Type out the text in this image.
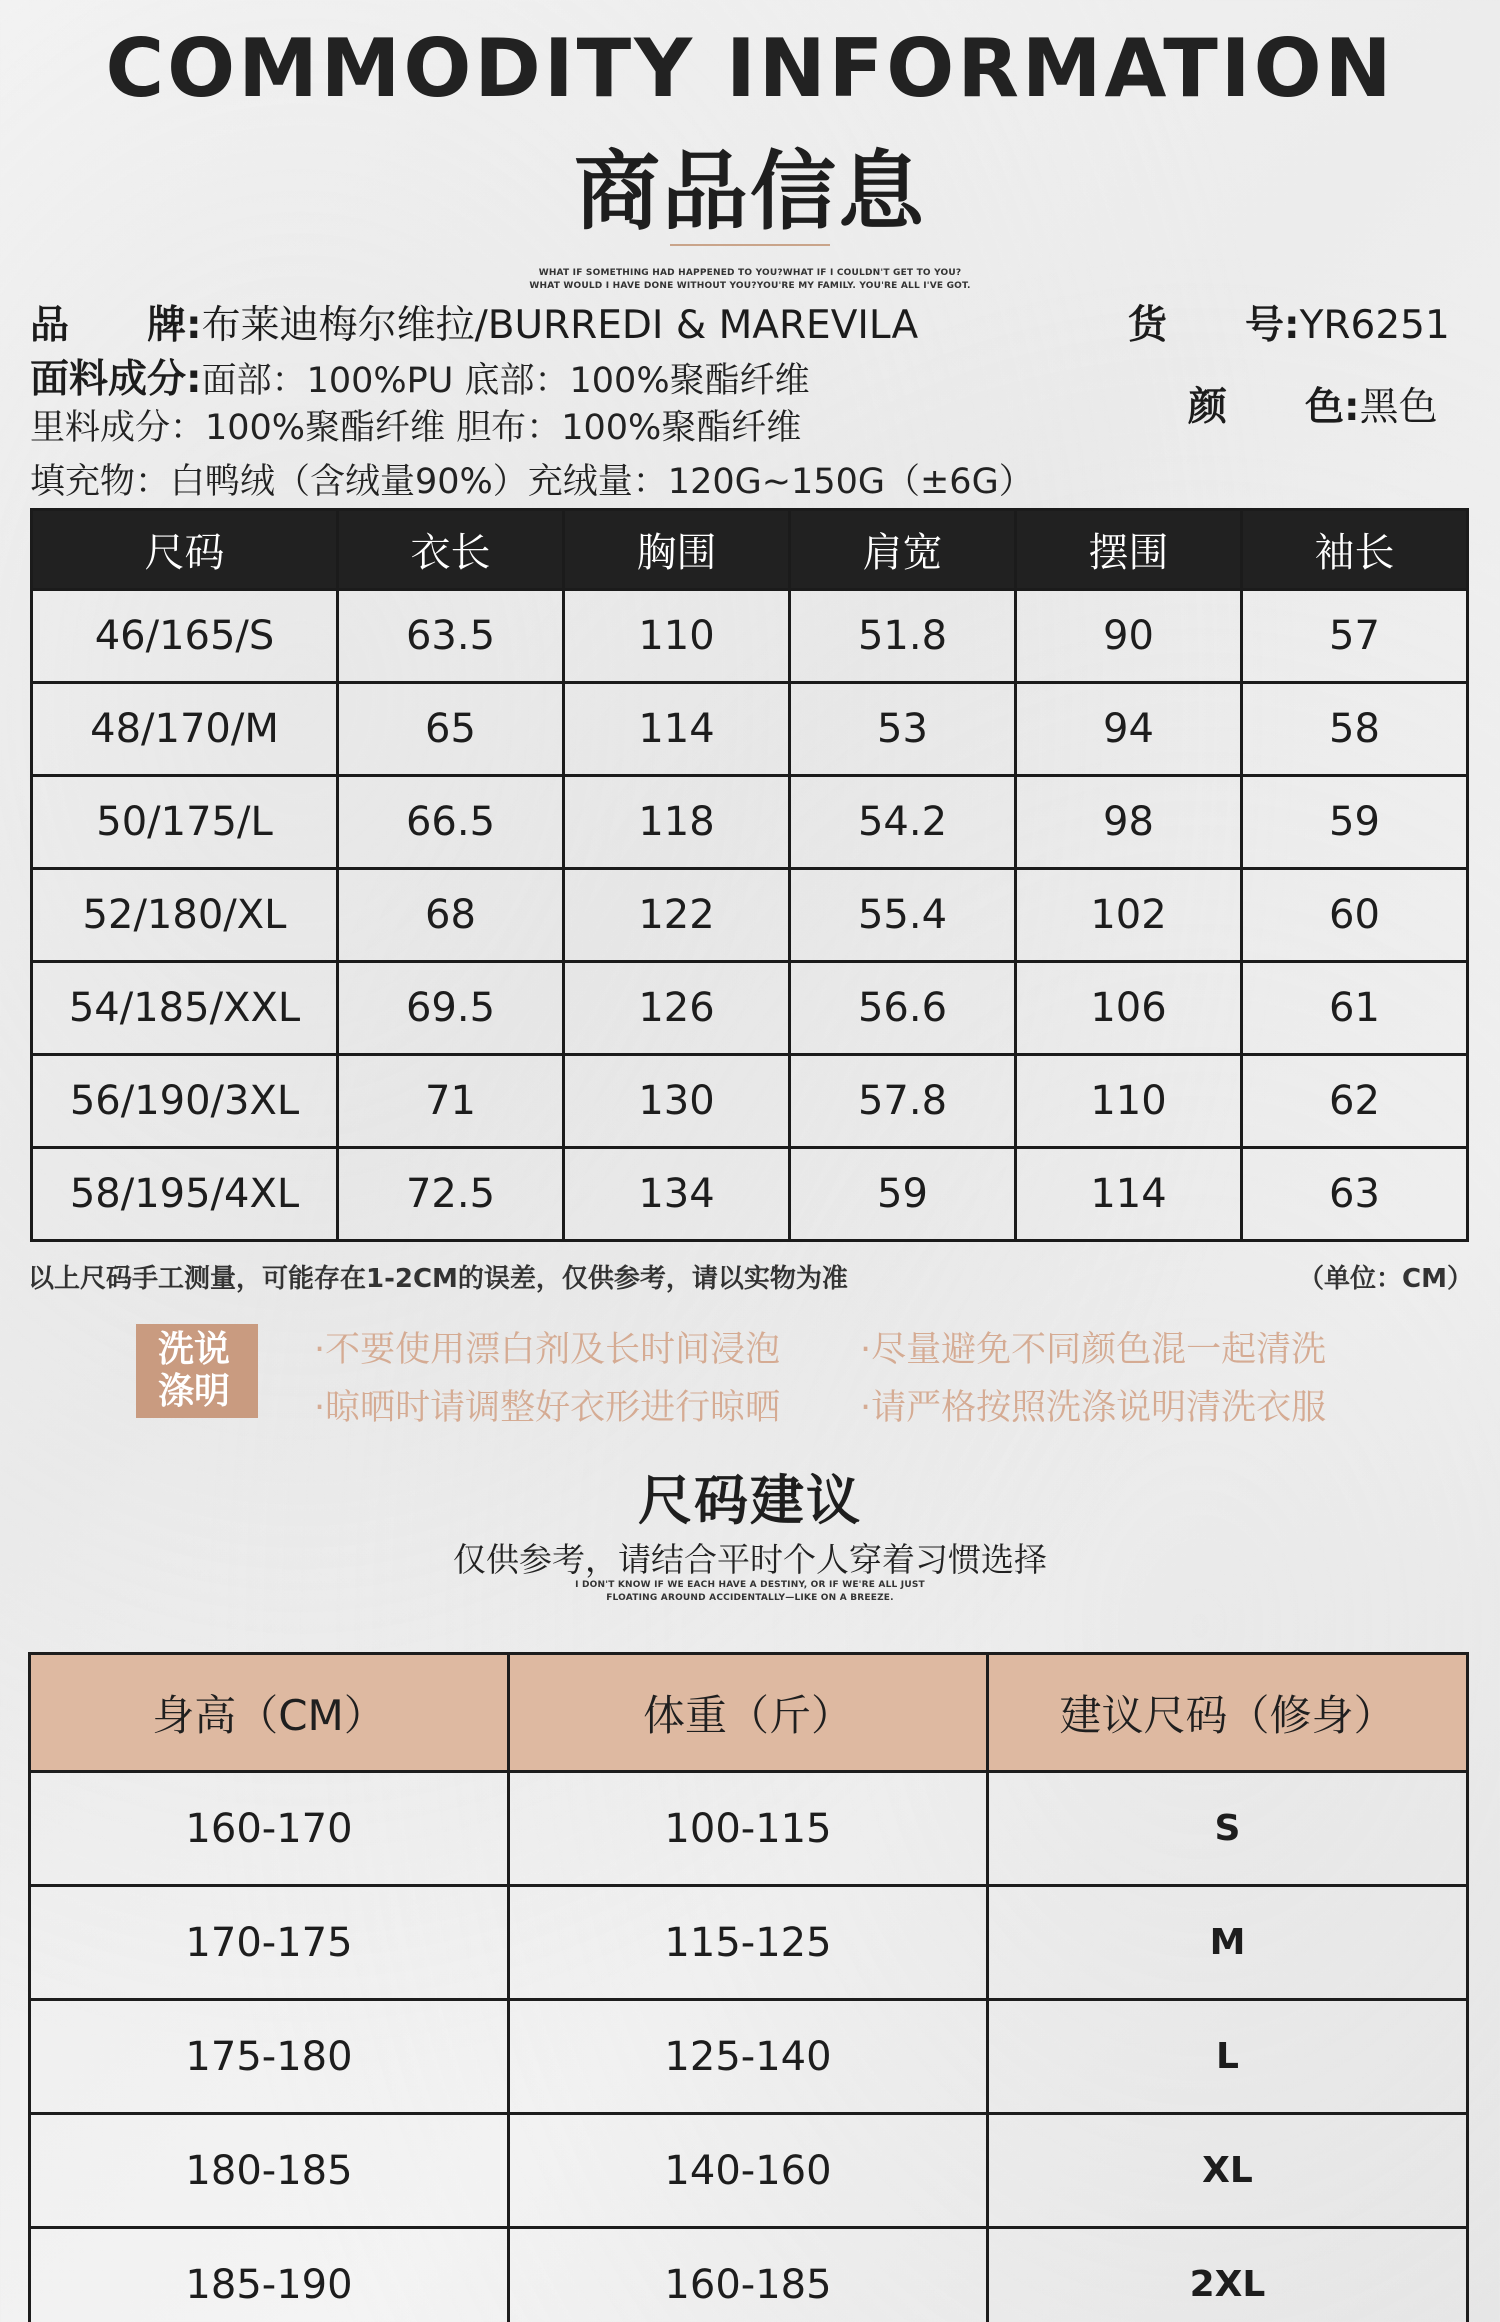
COMMODITY INFORMATION
商品信息
WHAT IF SOMETHING HAD HAPPENED TO YOU?WHAT IF I COULDN'T GET TO YOU?
WHAT WOULD I HAVE DONE WITHOUT YOU?YOU'RE MY FAMILY. YOU'RE ALL I'VE GOT.
品　　牌:布莱迪梅尔维拉/BURREDI & MAREVILA	货　　号:YR6251
面料成分:面部：100%PU 底部：100%聚酯纤维
颜　　色:黑色
里料成分：100%聚酯纤维 胆布：100%聚酯纤维
填充物：白鸭绒（含绒量90%）充绒量：120G~150G（±6G）
尺码	衣长	胸围	肩宽	摆围	袖长
46/165/S	63.5	110	51.8	90	57
48/170/M	65	114	53	94	58
50/175/L	66.5	118	54.2	98	59
52/180/XL	68	122	55.4	102	60
54/185/XXL	69.5	126	56.6	106	61
56/190/3XL	71	130	57.8	110	62
58/195/4XL	72.5	134	59	114	63
以上尺码手工测量，可能存在1-2CM的误差，仅供参考，请以实物为准	（单位：CM）
洗说
涤明
·不要使用漂白剂及长时间浸泡 ·尽量避免不同颜色混一起清洗
·晾晒时请调整好衣形进行晾晒 ·请严格按照洗涤说明清洗衣服
尺码建议
仅供参考，请结合平时个人穿着习惯选择
I DON'T KNOW IF WE EACH HAVE A DESTINY, OR IF WE'RE ALL JUST
FLOATING AROUND ACCIDENTALLY—LIKE ON A BREEZE.
身高（CM）	体重（斤）	建议尺码（修身）
160-170	100-115	S
170-175	115-125	M
175-180	125-140	L
180-185	140-160	XL
185-190	160-185	2XL
